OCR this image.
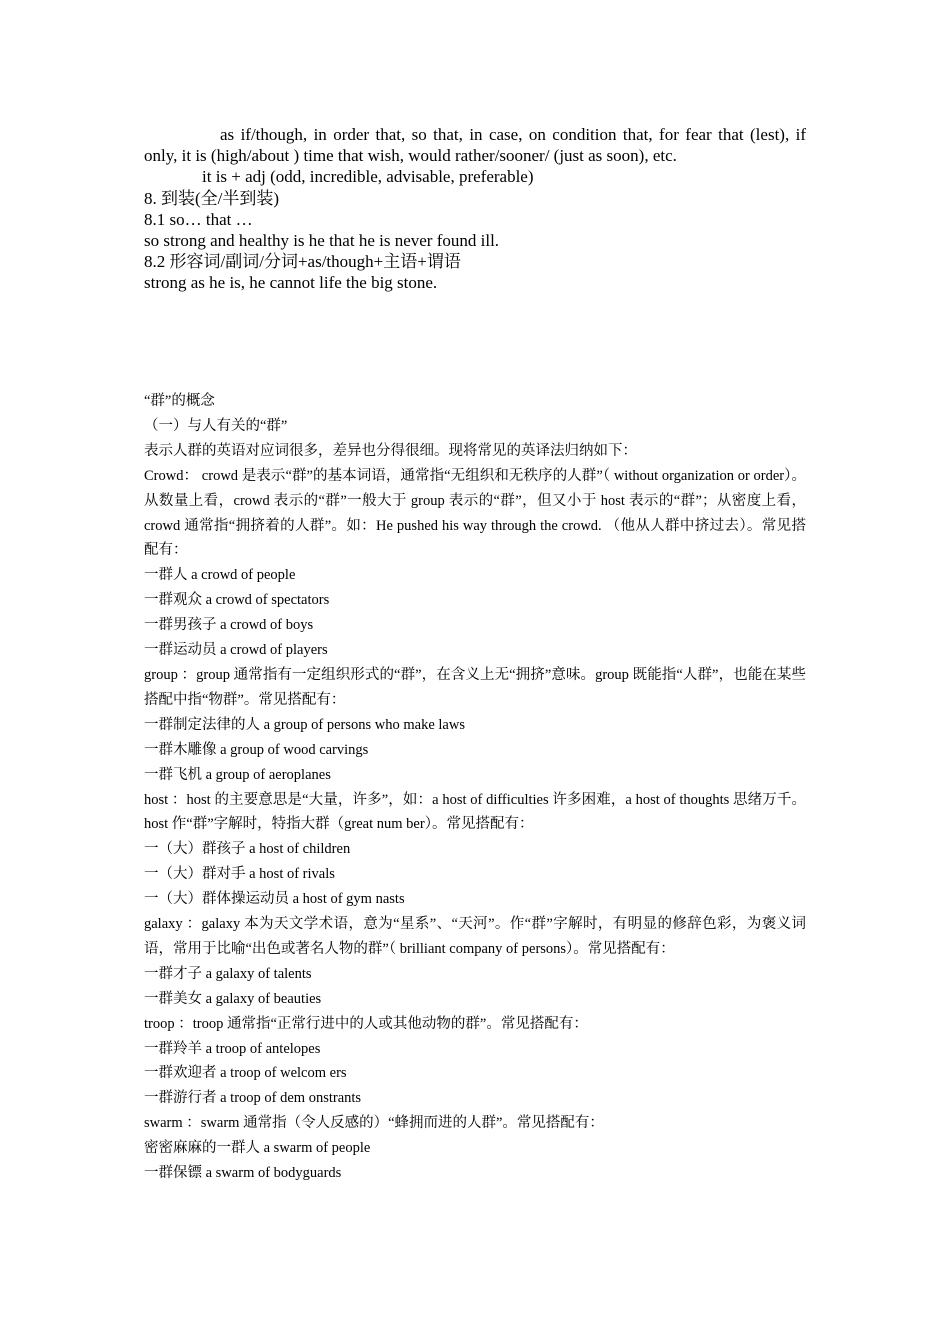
as if/though, in order that, so that, in case, on condition that, for fear that (lest), if only, it is (high/about ) time that wish, would rather/sooner/ (just as soon), etc.

it is + adj (odd, incredible, advisable, preferable)

8. 到装(全/半到装)

8.1 so… that …

so strong and healthy is he that he is never found ill.

8.2 形容词/副词/分词+as/though+主语+谓语

strong as he is, he cannot life the big stone.

“群”的概念

（一）与人有关的“群”

表示人群的英语对应词很多，差异也分得很细。现将常见的英译法归纳如下：

Crowd： crowd 是表示“群”的基本词语，通常指“无组织和无秩序的人群”（ without organization or order）。从数量上看，crowd 表示的“群”一般大于 group 表示的“群”，但又小于 host 表示的“群”；从密度上看，crowd 通常指“拥挤着的人群”。如：He pushed his way through the crowd. （他从人群中挤过去）。常见搭配有：

一群人 a crowd of people

一群观众 a crowd of spectators

一群男孩子 a crowd of boys

一群运动员 a crowd of players

group ：group 通常指有一定组织形式的“群”，在含义上无“拥挤”意味。group 既能指“人群”，也能在某些搭配中指“物群”。常见搭配有：

一群制定法律的人 a group of persons who make laws

一群木雕像 a group of wood carvings

一群飞机 a group of aeroplanes

host ：host 的主要意思是“大量，许多”，如：a host of difficulties 许多困难，a host of thoughts 思绪万千。host 作“群”字解时，特指大群（great num ber）。常见搭配有：

一（大）群孩子 a host of children

一（大）群对手 a host of rivals

一（大）群体操运动员 a host of gym nasts

galaxy ：galaxy 本为天文学术语，意为“星系”、“天河”。作“群”字解时，有明显的修辞色彩，为褒义词语，常用于比喻“出色或著名人物的群”（ brilliant company of persons）。常见搭配有：

一群才子 a galaxy of talents

一群美女 a galaxy of beauties

troop ：troop 通常指“正常行进中的人或其他动物的群”。常见搭配有：

一群羚羊 a troop of antelopes

一群欢迎者 a troop of welcom ers

一群游行者 a troop of dem onstrants

swarm ：swarm 通常指（令人反感的）“蜂拥而进的人群”。常见搭配有：

密密麻麻的一群人 a swarm of people

一群保镖 a swarm of bodyguards
